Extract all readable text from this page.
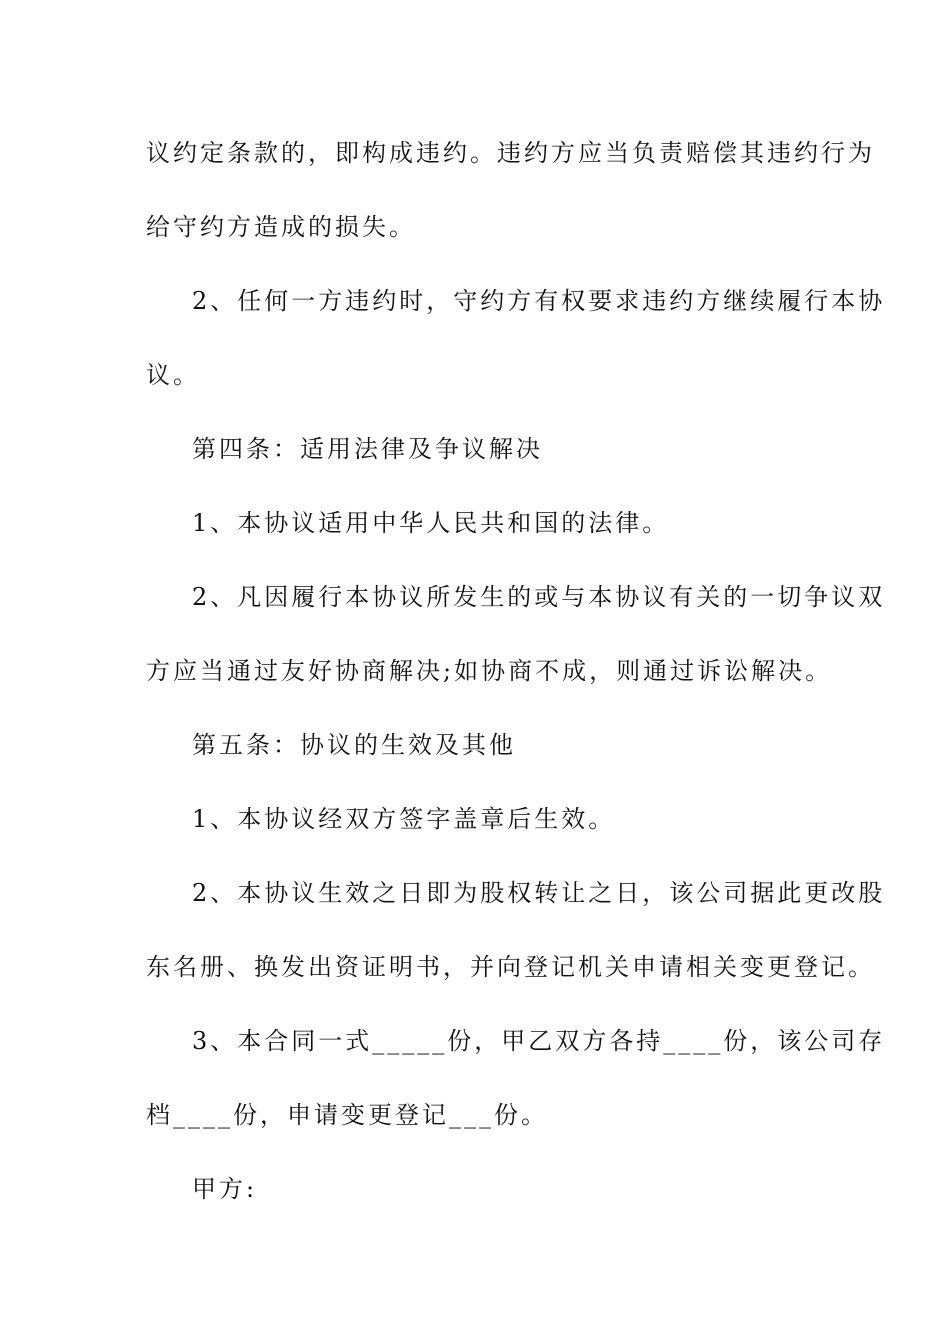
议约定条款的，即构成违约。违约方应当负责赔偿其违约行为
给守约方造成的损失。
2、任何一方违约时，守约方有权要求违约方继续履行本协
议。
第四条：适用法律及争议解决
1、本协议适用中华人民共和国的法律。
2、凡因履行本协议所发生的或与本协议有关的一切争议双
方应当通过友好协商解决;如协商不成，则通过诉讼解决。
第五条：协议的生效及其他
1、本协议经双方签字盖章后生效。
2、本协议生效之日即为股权转让之日，该公司据此更改股
东名册、换发出资证明书，并向登记机关申请相关变更登记。
3、本合同一式_____份，甲乙双方各持____份，该公司存
档____份，申请变更登记___份。
甲方:
